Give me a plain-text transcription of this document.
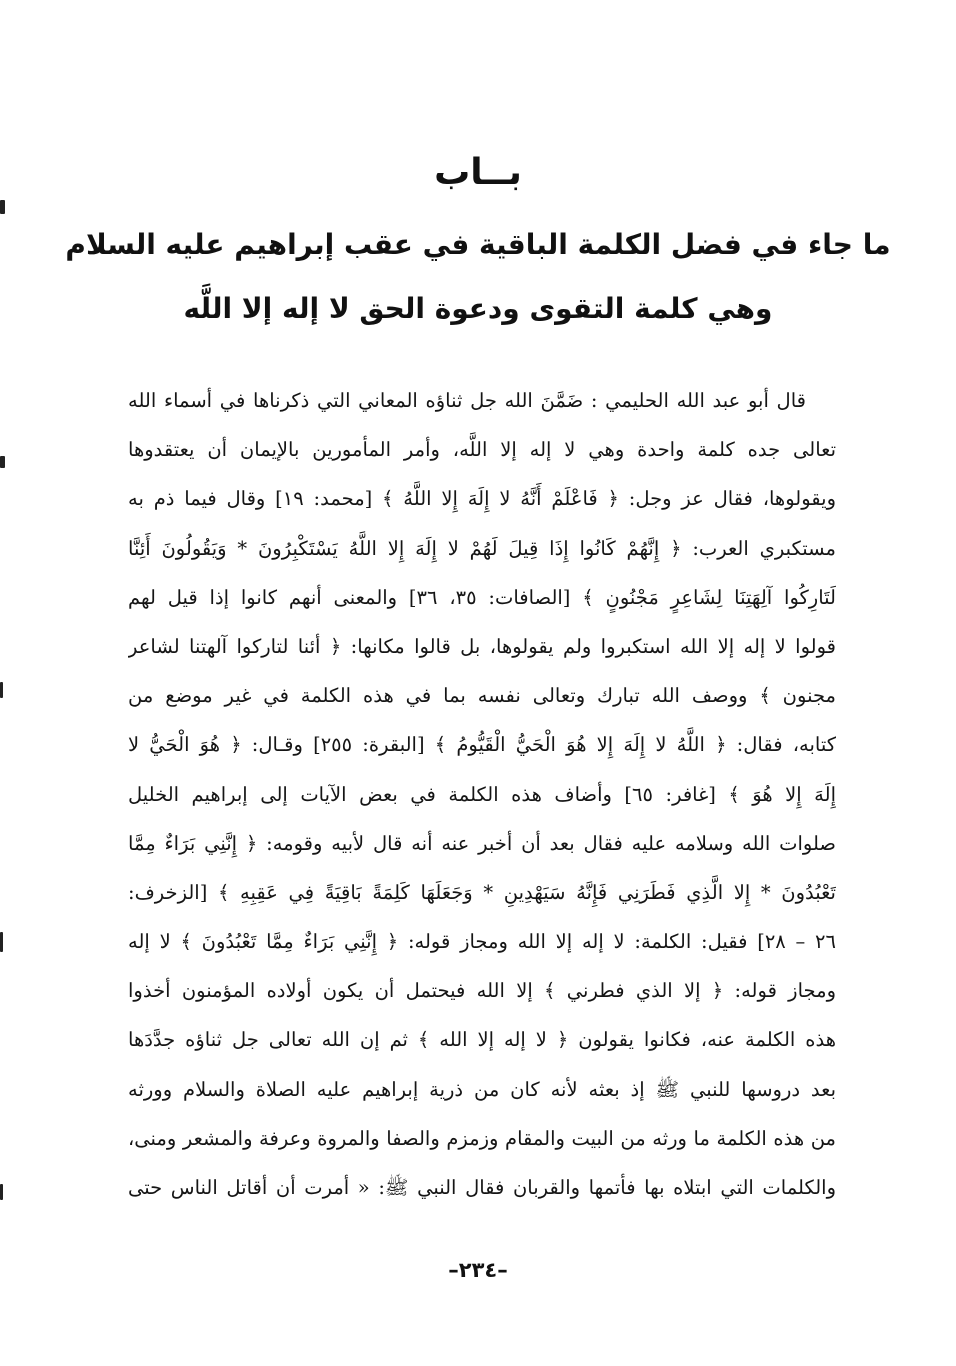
بــاب
ما جاء في فضل الكلمة الباقية في عقب إبراهيم عليه السلام
وهي كلمة التقوى ودعوة الحق لا إله إلا اللَّه
قال أبو عبد الله الحليمي : ضَمَّنَ الله جل ثناؤه المعاني التي ذكرناها في أسماء الله
تعالى جده كلمة واحدة وهي لا إله إلا اللَّه، وأمر المأمورين بالإيمان أن يعتقدوها
ويقولوها، فقال عز وجل: ﴿ فَاعْلَمْ أَنَّهُ لا إِلَهَ إِلا اللَّهُ ﴾ [محمد: ١٩] وقال فيما ذم به
مستكبري العرب: ﴿ إِنَّهُمْ كَانُوا إِذَا قِيلَ لَهُمْ لا إِلَهَ إِلا اللَّهُ يَسْتَكْبِرُونَ * وَيَقُولُونَ أَئِنَّا
لَتَارِكُوا آلِهَتِنَا لِشَاعِرٍ مَجْنُونٍ ﴾ [الصافات: ٣٥، ٣٦] والمعنى أنهم كانوا إذا قيل لهم
قولوا لا إله إلا الله استكبروا ولم يقولوها، بل قالوا مكانها: ﴿ أئنا لتاركوا آلهتنا لشاعر
مجنون ﴾ ووصف الله تبارك وتعالى نفسه بما في هذه الكلمة في غير موضع من
كتابه، فقال: ﴿ اللَّهُ لا إِلَهَ إِلا هُوَ الْحَيُّ الْقَيُّومُ ﴾ [البقرة: ٢٥٥] وقـال: ﴿ هُوَ الْحَيُّ لا
إِلَهَ إِلا هُوَ ﴾ [غافر: ٦٥] وأضاف هذه الكلمة في بعض الآيات إلى إبراهيم الخليل
صلوات الله وسلامه عليه فقال بعد أن أخبر عنه أنه قال لأبيه وقومه: ﴿ إِنَّنِي بَرَاءٌ مِمَّا
تَعْبُدُونَ * إِلا الَّذِي فَطَرَنِي فَإِنَّهُ سَيَهْدِينِ * وَجَعَلَهَا كَلِمَةً بَاقِيَةً فِي عَقِبِهِ ﴾ [الزخرف:
٢٦ – ٢٨] فقيل: الكلمة: لا إله إلا الله ومجاز قوله: ﴿ إِنَّنِي بَرَاءٌ مِمَّا تَعْبُدُونَ ﴾ لا إله
ومجاز قوله: ﴿ إلا الذي فطرني ﴾ إلا الله فيحتمل أن يكون أولاده المؤمنون أخذوا
هذه الكلمة عنه، فكانوا يقولون ﴿ لا إله إلا الله ﴾ ثم إن الله تعالى جل ثناؤه جدَّدَها
بعد دروسها للنبي ﷺ إذ بعثه لأنه كان من ذرية إبراهيم عليه الصلاة والسلام وورثه
من هذه الكلمة ما ورثه من البيت والمقام وزمزم والصفا والمروة وعرفة والمشعر ومنى،
والكلمات التي ابتلاه بها فأتمها والقربان فقال النبي ﷺ: « أمرت أن أقاتل الناس حتى
–٢٣٤–
